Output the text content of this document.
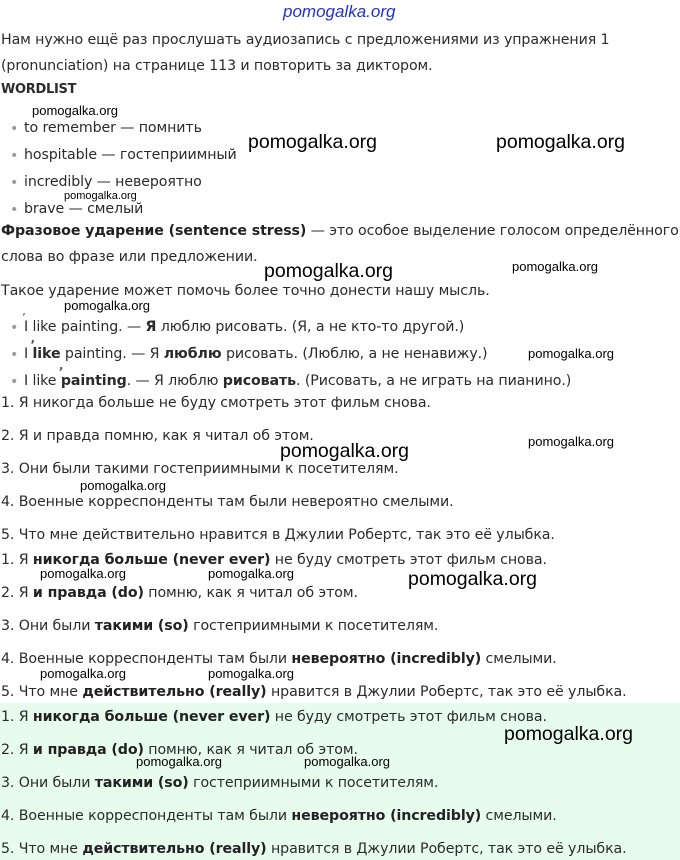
pomogalka.org
Нам нужно ещё раз прослушать аудиозапись с предложениями из упражнения 1
(pronunciation) на странице 113 и повторить за диктором.
WORDLIST
• to remember — помнить
• hospitable — гостеприимный
• incredibly — невероятно
• brave — смелый
Фразовое ударение (sentence stress) — это особое выделение голосом определённого
слова во фразе или предложении.
Такое ударение может помочь более точно донести нашу мысль.
•
’ I like painting. — Я люблю рисовать. (Я, а не кто-то другой.)
• I ’ like painting. — Я люблю рисовать. (Люблю, а не ненавижу.)
• I like ’ painting. — Я люблю рисовать. (Рисовать, а не играть на пианино.)
1. Я никогда больше не буду смотреть этот фильм снова.
2. Я и правда помню, как я читал об этом.
3. Они были такими гостеприимными к посетителям.
4. Военные корреспонденты там были невероятно смелыми.
5. Что мне действительно нравится в Джулии Робертс, так это её улыбка.
1. Я никогда больше (never ever) не буду смотреть этот фильм снова.
2. Я и правда (do) помню, как я читал об этом.
3. Они были такими (so) гостеприимными к посетителям.
4. Военные корреспонденты там были невероятно (incredibly) смелыми.
5. Что мне действительно (really) нравится в Джулии Робертс, так это её улыбка.
1. Я никогда больше (never ever) не буду смотреть этот фильм снова.
2. Я и правда (do) помню, как я читал об этом.
3. Они были такими (so) гостеприимными к посетителям.
4. Военные корреспонденты там были невероятно (incredibly) смелыми.
5. Что мне действительно (really) нравится в Джулии Робертс, так это её улыбка.
pomogalka.org
pomogalka.org	pomogalka.org
pomogalka.org
pomogalka.org	pomogalka.org
pomogalka.org
pomogalka.org
pomogalka.org	pomogalka.org
pomogalka.org
pomogalka.org	pomogalka.org	pomogalka.org
pomogalka.org	pomogalka.org
pomogalka.org
pomogalka.org	pomogalka.org
